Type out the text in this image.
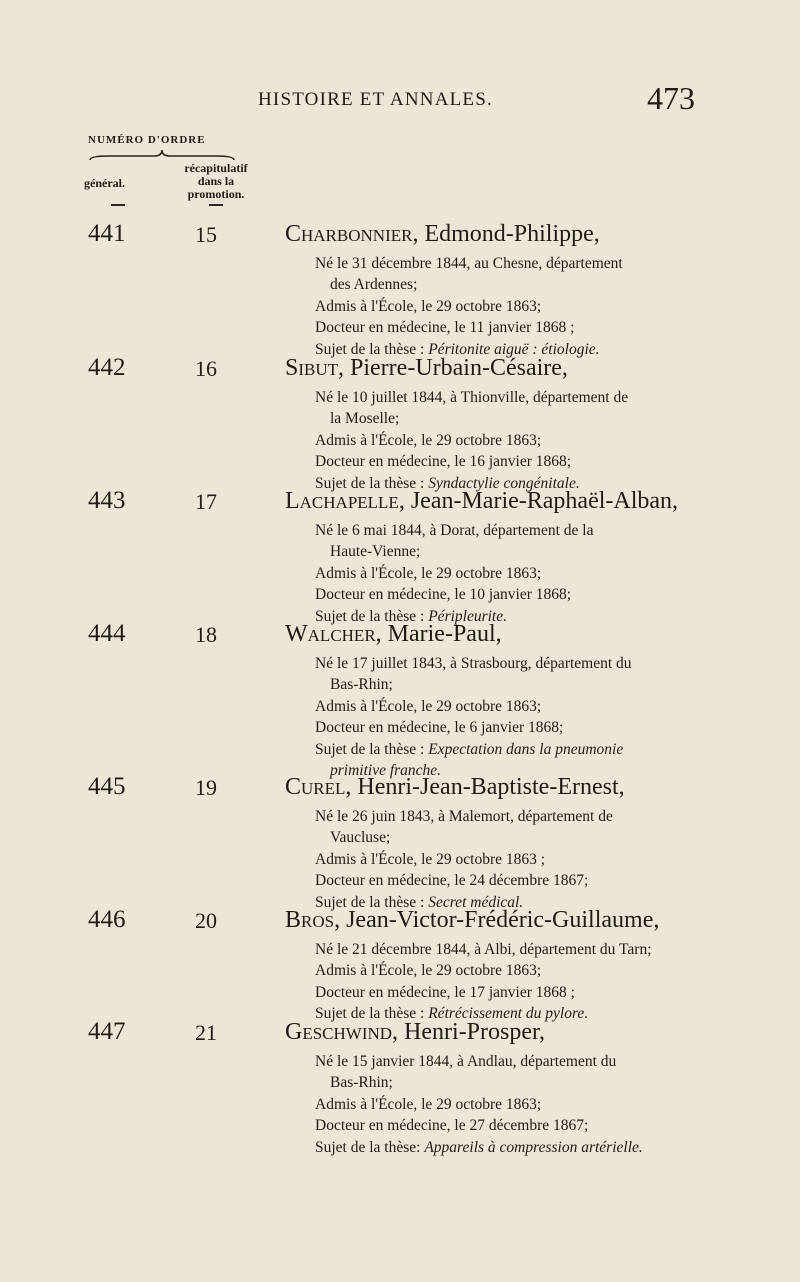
HISTOIRE ET ANNALES.	473
NUMÉRO D'ORDRE
général.
récapitulatif
dans la
promotion.
441	15	Charbonnier, Edmond-Philippe,
Né le 31 décembre 1844, au Chesne, département
des Ardennes;
Admis à l'École, le 29 octobre 1863;
Docteur en médecine, le 11 janvier 1868 ;
Sujet de la thèse : Péritonite aiguë : étiologie.
442	16	Sibut, Pierre-Urbain-Césaire,
Né le 10 juillet 1844, à Thionville, département de
la Moselle;
Admis à l'École, le 29 octobre 1863;
Docteur en médecine, le 16 janvier 1868;
Sujet de la thèse : Syndactylie congénitale.
443	17	Lachapelle, Jean-Marie-Raphaël-Alban,
Né le 6 mai 1844, à Dorat, département de la
Haute-Vienne;
Admis à l'École, le 29 octobre 1863;
Docteur en médecine, le 10 janvier 1868;
Sujet de la thèse : Péripleurite.
444	18	Walcher, Marie-Paul,
Né le 17 juillet 1843, à Strasbourg, département du
Bas-Rhin;
Admis à l'École, le 29 octobre 1863;
Docteur en médecine, le 6 janvier 1868;
Sujet de la thèse : Expectation dans la pneumonie
primitive franche.
445	19	Curel, Henri-Jean-Baptiste-Ernest,
Né le 26 juin 1843, à Malemort, département de
Vaucluse;
Admis à l'École, le 29 octobre 1863 ;
Docteur en médecine, le 24 décembre 1867;
Sujet de la thèse : Secret médical.
446	20	Bros, Jean-Victor-Frédéric-Guillaume,
Né le 21 décembre 1844, à Albi, département du Tarn;
Admis à l'École, le 29 octobre 1863;
Docteur en médecine, le 17 janvier 1868 ;
Sujet de la thèse : Rétrécissement du pylore.
447	21	Geschwind, Henri-Prosper,
Né le 15 janvier 1844, à Andlau, département du
Bas-Rhin;
Admis à l'École, le 29 octobre 1863;
Docteur en médecine, le 27 décembre 1867;
Sujet de la thèse: Appareils à compression artérielle.
